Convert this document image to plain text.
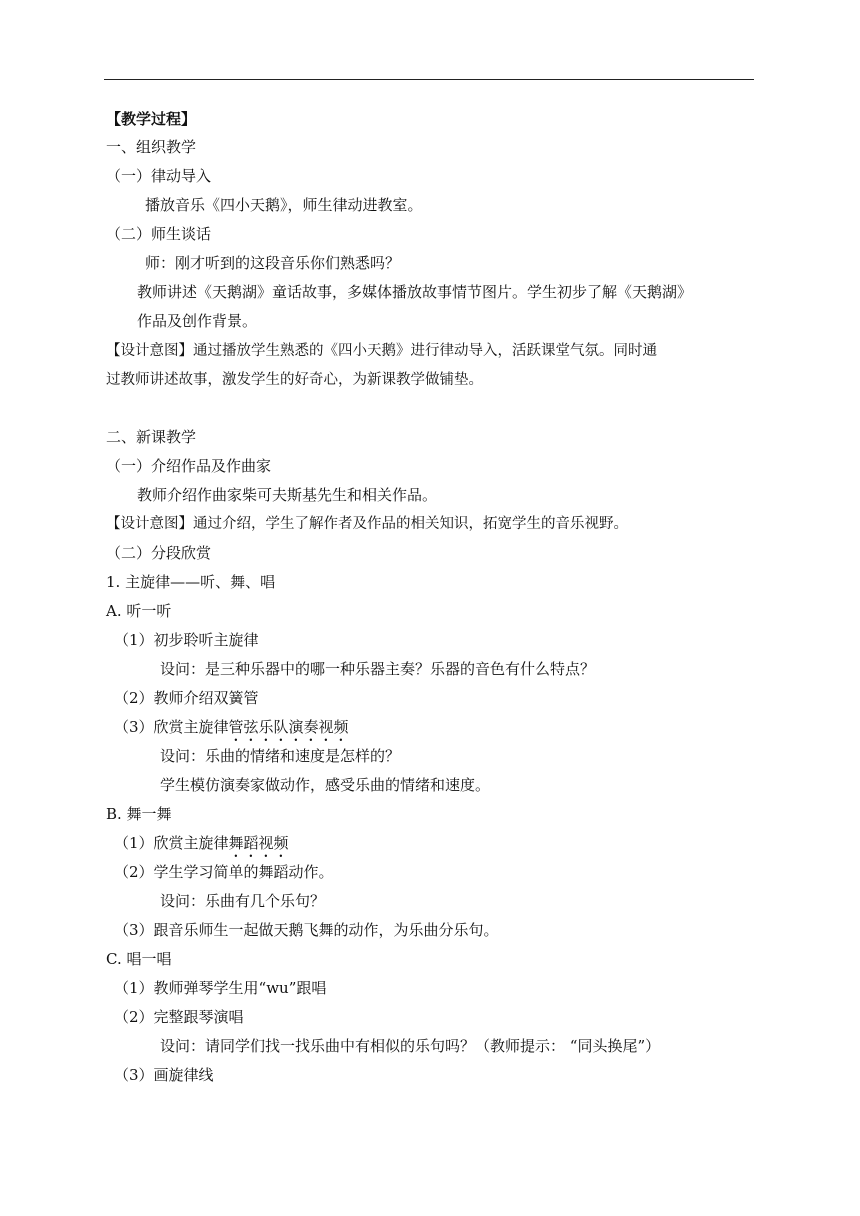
【教学过程】
一、组织教学
（一）律动导入
播放音乐《四小天鹅》，师生律动进教室。
（二）师生谈话
师：刚才听到的这段音乐你们熟悉吗？
教师讲述《天鹅湖》童话故事，多媒体播放故事情节图片。学生初步了解《天鹅湖》
作品及创作背景。
【设计意图】通过播放学生熟悉的《四小天鹅》进行律动导入，活跃课堂气氛。同时通
过教师讲述故事，激发学生的好奇心，为新课教学做铺垫。
二、新课教学
（一）介绍作品及作曲家
教师介绍作曲家柴可夫斯基先生和相关作品。
【设计意图】通过介绍，学生了解作者及作品的相关知识，拓宽学生的音乐视野。
（二）分段欣赏
1. 主旋律——听、舞、唱
A. 听一听
（1）初步聆听主旋律
设问：是三种乐器中的哪一种乐器主奏？乐器的音色有什么特点？
（2）教师介绍双簧管
（3）欣赏主旋律管弦乐队演奏视频
设问：乐曲的情绪和速度是怎样的？
学生模仿演奏家做动作，感受乐曲的情绪和速度。
B. 舞一舞
（1）欣赏主旋律舞蹈视频
（2）学生学习简单的舞蹈动作。
设问：乐曲有几个乐句？
（3）跟音乐师生一起做天鹅飞舞的动作，为乐曲分乐句。
C. 唱一唱
（1）教师弹琴学生用“wu”跟唱
（2）完整跟琴演唱
设问：请同学们找一找乐曲中有相似的乐句吗？（教师提示： “同头换尾”）
（3）画旋律线
